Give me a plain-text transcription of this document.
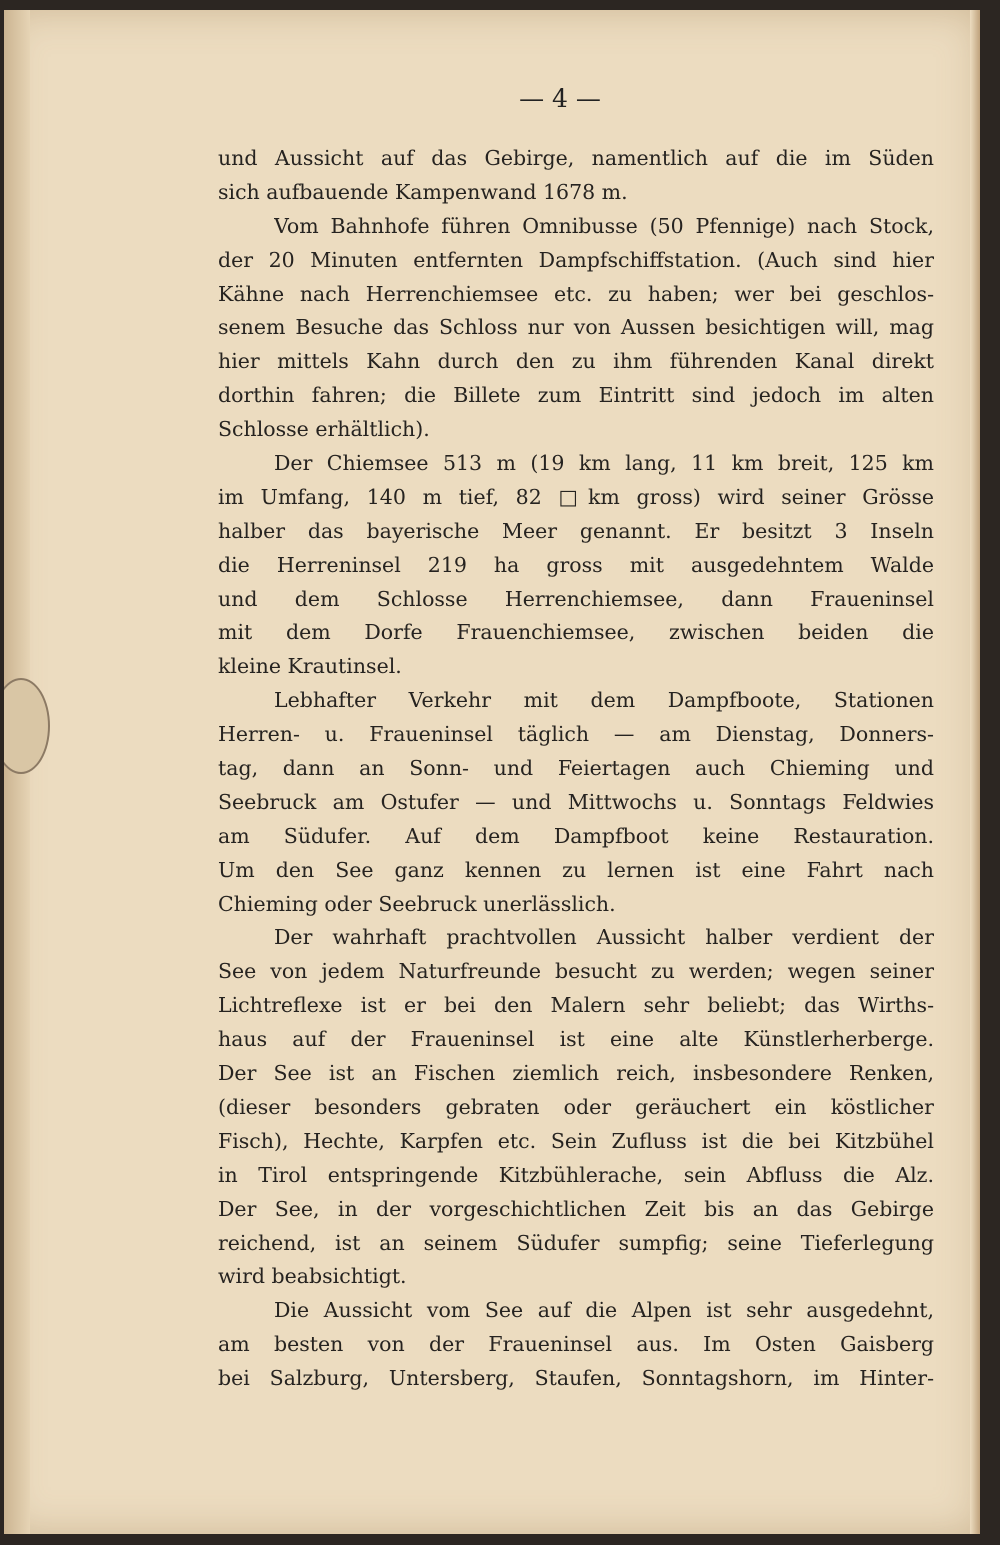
— 4 —
und Aussicht auf das Gebirge, namentlich auf die im Süden
sich aufbauende Kampenwand 1678 m.
Vom Bahnhofe führen Omnibusse (50 Pfennige) nach Stock,
der 20 Minuten entfernten Dampfschiffstation. (Auch sind hier
Kähne nach Herrenchiemsee etc. zu haben; wer bei geschlos-
senem Besuche das Schloss nur von Aussen besichtigen will, mag
hier mittels Kahn durch den zu ihm führenden Kanal direkt
dorthin fahren; die Billete zum Eintritt sind jedoch im alten
Schlosse erhältlich).
Der Chiemsee 513 m (19 km lang, 11 km breit, 125 km
im Umfang, 140 m tief, 82 □km gross) wird seiner Grösse
halber das bayerische Meer genannt. Er besitzt 3 Inseln
die Herreninsel 219 ha gross mit ausgedehntem Walde
und dem Schlosse Herrenchiemsee, dann Fraueninsel
mit dem Dorfe Frauenchiemsee, zwischen beiden die
kleine Krautinsel.
Lebhafter Verkehr mit dem Dampfboote, Stationen
Herren- u. Fraueninsel täglich — am Dienstag, Donners-
tag, dann an Sonn- und Feiertagen auch Chieming und
Seebruck am Ostufer — und Mittwochs u. Sonntags Feldwies
am Südufer. Auf dem Dampfboot keine Restauration.
Um den See ganz kennen zu lernen ist eine Fahrt nach
Chieming oder Seebruck unerlässlich.
Der wahrhaft prachtvollen Aussicht halber verdient der
See von jedem Naturfreunde besucht zu werden; wegen seiner
Lichtreflexe ist er bei den Malern sehr beliebt; das Wirths-
haus auf der Fraueninsel ist eine alte Künstlerherberge.
Der See ist an Fischen ziemlich reich, insbesondere Renken,
(dieser besonders gebraten oder geräuchert ein köstlicher
Fisch), Hechte, Karpfen etc. Sein Zufluss ist die bei Kitzbühel
in Tirol entspringende Kitzbühlerache, sein Abfluss die Alz.
Der See, in der vorgeschichtlichen Zeit bis an das Gebirge
reichend, ist an seinem Südufer sumpfig; seine Tieferlegung
wird beabsichtigt.
Die Aussicht vom See auf die Alpen ist sehr ausgedehnt,
am besten von der Fraueninsel aus. Im Osten Gaisberg
bei Salzburg, Untersberg, Staufen, Sonntagshorn, im Hinter-
